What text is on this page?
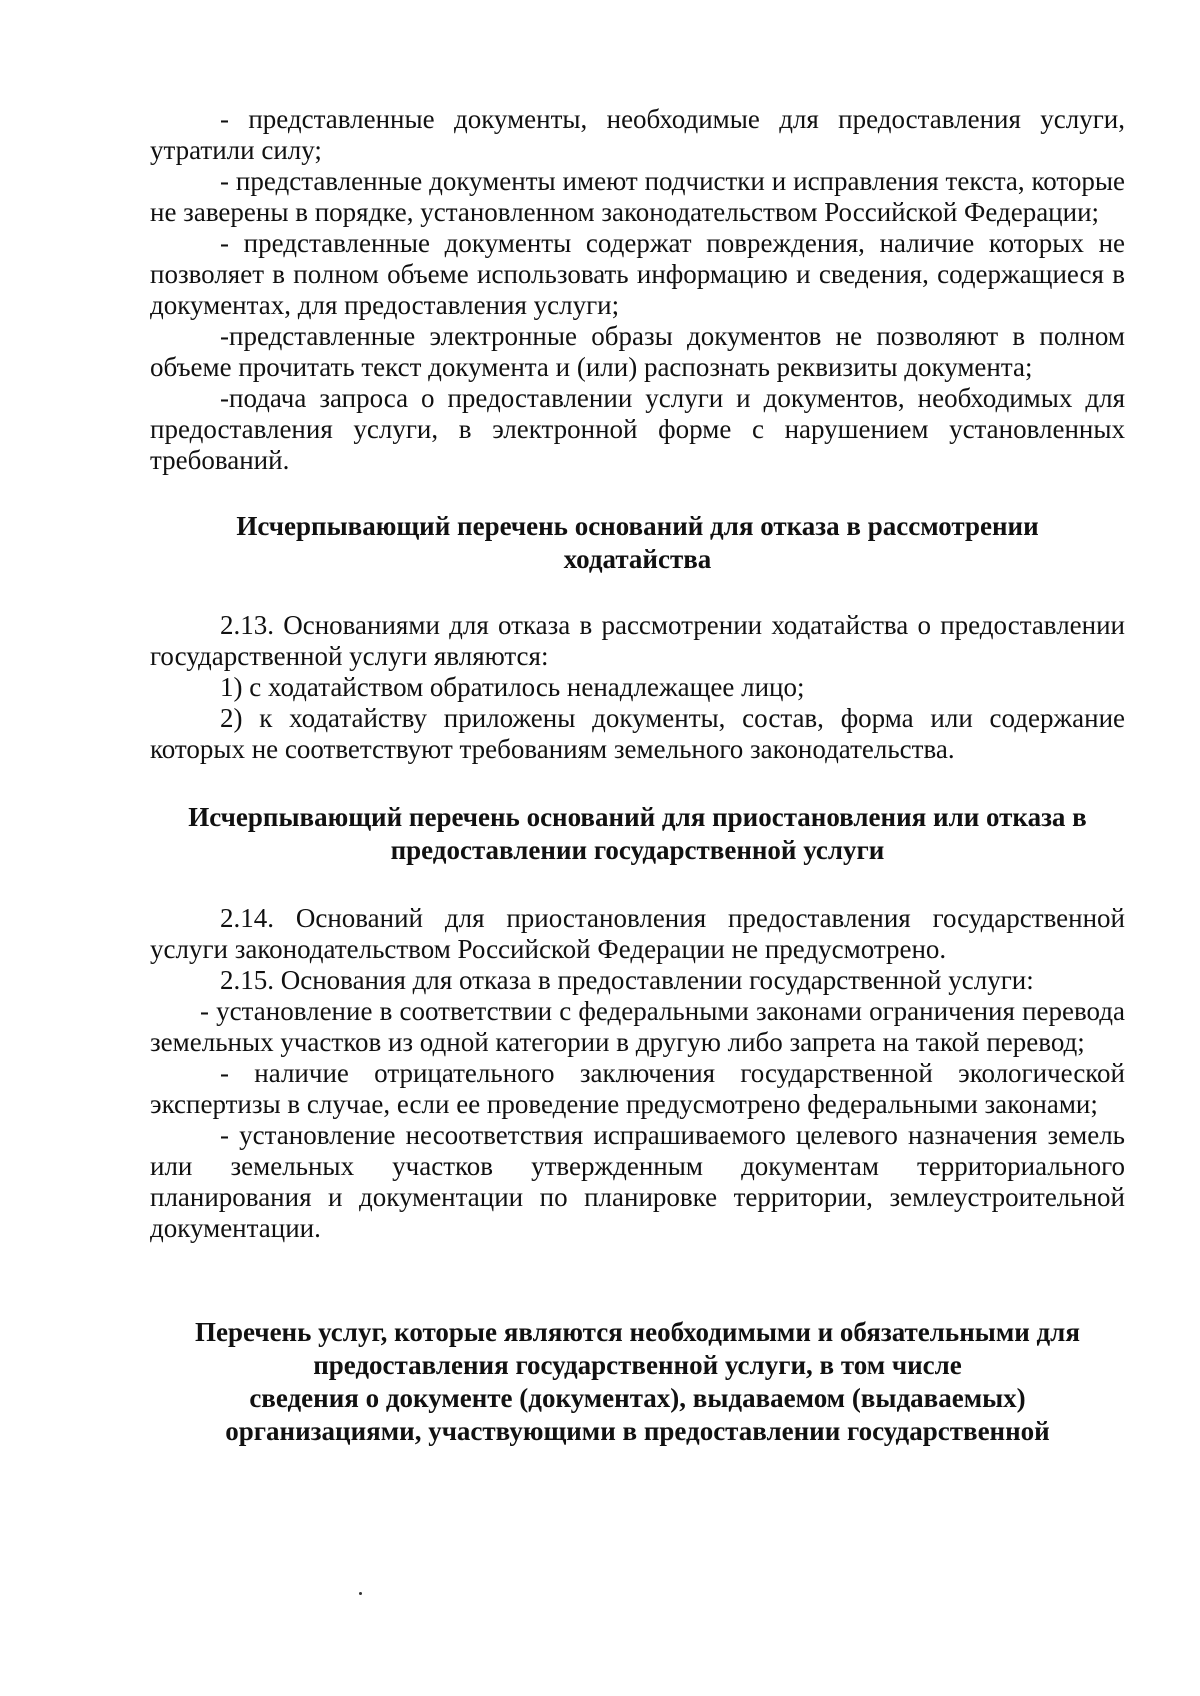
- представленные документы, необходимые для предоставления услуги, утратили силу;

- представленные документы имеют подчистки и исправления текста, которые не заверены в порядке, установленном законодательством Российской Федерации;

- представленные документы содержат повреждения, наличие которых не позволяет в полном объеме использовать информацию и сведения, содержащиеся в документах, для предоставления услуги;

-представленные электронные образы документов не позволяют в полном объеме прочитать текст документа и (или) распознать реквизиты документа;

-подача запроса о предоставлении услуги и документов, необходимых для предоставления услуги, в электронной форме с нарушением установленных требований.

Исчерпывающий перечень оснований для отказа в рассмотрении
ходатайства

2.13. Основаниями для отказа в рассмотрении ходатайства о предоставлении государственной услуги являются:

1) с ходатайством обратилось ненадлежащее лицо;

2) к ходатайству приложены документы, состав, форма или содержание которых не соответствуют требованиям земельного законодательства.

Исчерпывающий перечень оснований для приостановления или отказа в
предоставлении государственной услуги

2.14. Оснований для приостановления предоставления государственной услуги законодательством Российской Федерации не предусмотрено.

2.15. Основания для отказа в предоставлении государственной услуги:

- установление в соответствии с федеральными законами ограничения перевода земельных участков из одной категории в другую либо запрета на такой перевод;

- наличие отрицательного заключения государственной экологической экспертизы в случае, если ее проведение предусмотрено федеральными законами;

- установление несоответствия испрашиваемого целевого назначения земель или земельных участков утвержденным документам территориального планирования и документации по планировке территории, землеустроительной документации.

Перечень услуг, которые являются необходимыми и обязательными для
предоставления государственной услуги, в том числе
сведения о документе (документах), выдаваемом (выдаваемых)
организациями, участвующими в предоставлении государственной
